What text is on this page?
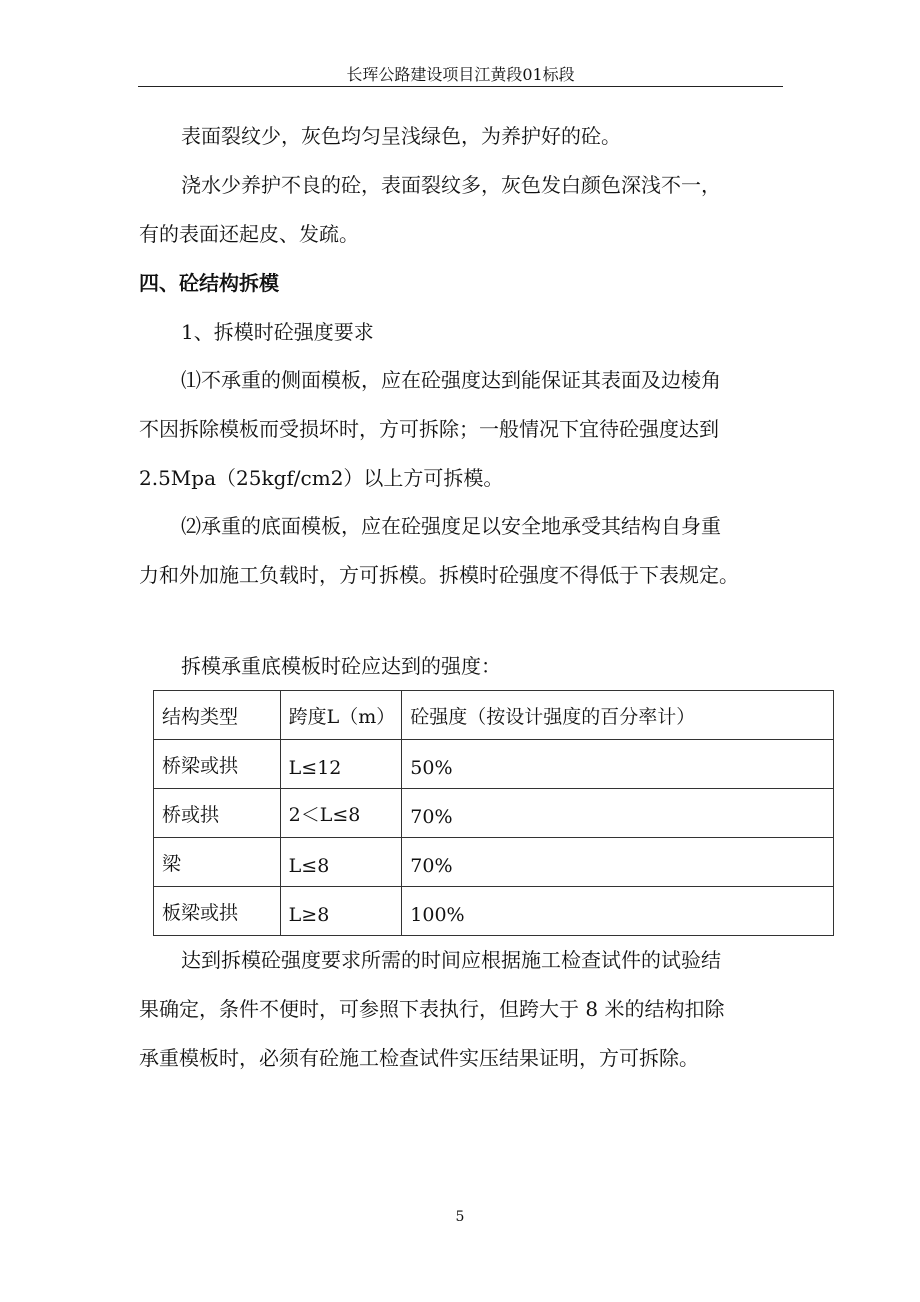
长珲公路建设项目江黄段01标段
表面裂纹少，灰色均匀呈浅绿色，为养护好的砼。
浇水少养护不良的砼，表面裂纹多，灰色发白颜色深浅不一，
有的表面还起皮、发疏。
四、砼结构拆模
1、拆模时砼强度要求
⑴不承重的侧面模板，应在砼强度达到能保证其表面及边棱角
不因拆除模板而受损坏时，方可拆除；一般情况下宜待砼强度达到
2.5Mpa（25kgf/cm2）以上方可拆模。
⑵承重的底面模板，应在砼强度足以安全地承受其结构自身重
力和外加施工负载时，方可拆模。拆模时砼强度不得低于下表规定。
拆模承重底模板时砼应达到的强度：
结构类型	跨度L（m）	砼强度（按设计强度的百分率计）
桥梁或拱	L≤12	50%
桥或拱	2＜L≤8	70%
梁	L≤8	70%
板梁或拱	L≥8	100%
达到拆模砼强度要求所需的时间应根据施工检查试件的试验结
果确定，条件不便时，可参照下表执行，但跨大于 8 米的结构扣除
承重模板时，必须有砼施工检查试件实压结果证明，方可拆除。
5
